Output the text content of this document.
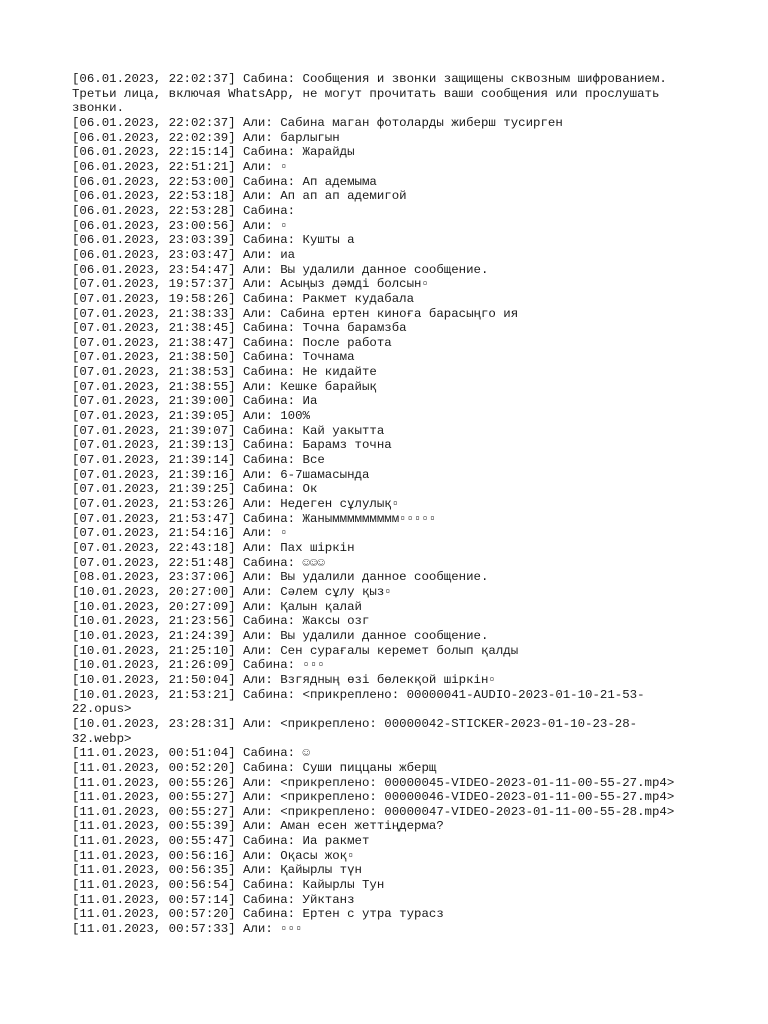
[06.01.2023, 22:02:37] Сабина: Сообщения и звонки защищены сквозным шифрованием. Третьи лица, включая WhatsApp, не могут прочитать ваши сообщения или прослушать звонки.
[06.01.2023, 22:02:37] Али: Сабина маган фотоларды жиберш тусирген
[06.01.2023, 22:02:39] Али: барлыгын
[06.01.2023, 22:15:14] Сабина: Жарайды
[06.01.2023, 22:51:21] Али: ▫
[06.01.2023, 22:53:00] Сабина: Ап адемыма
[06.01.2023, 22:53:18] Али: Ап ап ап адемигой
[06.01.2023, 22:53:28] Сабина:
[06.01.2023, 23:00:56] Али: ▫
[06.01.2023, 23:03:39] Сабина: Кушты а
[06.01.2023, 23:03:47] Али: иа
[06.01.2023, 23:54:47] Али: Вы удалили данное сообщение.
[07.01.2023, 19:57:37] Али: Асыңыз дәмді болсын▫
[07.01.2023, 19:58:26] Сабина: Ракмет кудабала
[07.01.2023, 21:38:33] Али: Сабина ертен киноға барасыңго ия
[07.01.2023, 21:38:45] Сабина: Точна барамзба
[07.01.2023, 21:38:47] Сабина: После работа
[07.01.2023, 21:38:50] Сабина: Точнама
[07.01.2023, 21:38:53] Сабина: Не кидайте
[07.01.2023, 21:38:55] Али: Кешке барайық
[07.01.2023, 21:39:00] Сабина: Иа
[07.01.2023, 21:39:05] Али: 100%
[07.01.2023, 21:39:07] Сабина: Кай уакытта
[07.01.2023, 21:39:13] Сабина: Барамз точна
[07.01.2023, 21:39:14] Сабина: Все
[07.01.2023, 21:39:16] Али: 6-7шамасында
[07.01.2023, 21:39:25] Сабина: Ок
[07.01.2023, 21:53:26] Али: Недеген сұлулық▫
[07.01.2023, 21:53:47] Сабина: Жаныммммммммм▫▫▫▫▫
[07.01.2023, 21:54:16] Али: ▫
[07.01.2023, 22:43:18] Али: Пах шіркін
[07.01.2023, 22:51:48] Сабина: ☺☺☺
[08.01.2023, 23:37:06] Али: Вы удалили данное сообщение.
[10.01.2023, 20:27:00] Али: Сәлем сұлу қыз▫
[10.01.2023, 20:27:09] Али: Қалын қалай
[10.01.2023, 21:23:56] Сабина: Жаксы озг
[10.01.2023, 21:24:39] Али: Вы удалили данное сообщение.
[10.01.2023, 21:25:10] Али: Сен сурағалы керемет болып қалды
[10.01.2023, 21:26:09] Сабина: ▫▫▫
[10.01.2023, 21:50:04] Али: Взгядның өзі бөлекқой шіркін▫
[10.01.2023, 21:53:21] Сабина: <прикреплено: 00000041-AUDIO-2023-01-10-21-53-22.opus>
[10.01.2023, 23:28:31] Али: <прикреплено: 00000042-STICKER-2023-01-10-23-28-32.webp>
[11.01.2023, 00:51:04] Сабина: ☺
[11.01.2023, 00:52:20] Сабина: Суши пиццаны жберщ
[11.01.2023, 00:55:26] Али: <прикреплено: 00000045-VIDEO-2023-01-11-00-55-27.mp4>
[11.01.2023, 00:55:27] Али: <прикреплено: 00000046-VIDEO-2023-01-11-00-55-27.mp4>
[11.01.2023, 00:55:27] Али: <прикреплено: 00000047-VIDEO-2023-01-11-00-55-28.mp4>
[11.01.2023, 00:55:39] Али: Аман есен жеттіңдерма?
[11.01.2023, 00:55:47] Сабина: Иа ракмет
[11.01.2023, 00:56:16] Али: Оқасы жоқ▫
[11.01.2023, 00:56:35] Али: Қайырлы түн
[11.01.2023, 00:56:54] Сабина: Кайырлы Тун
[11.01.2023, 00:57:14] Сабина: Уйктанз
[11.01.2023, 00:57:20] Сабина: Ертен с утра турасз
[11.01.2023, 00:57:33] Али: ▫▫▫
